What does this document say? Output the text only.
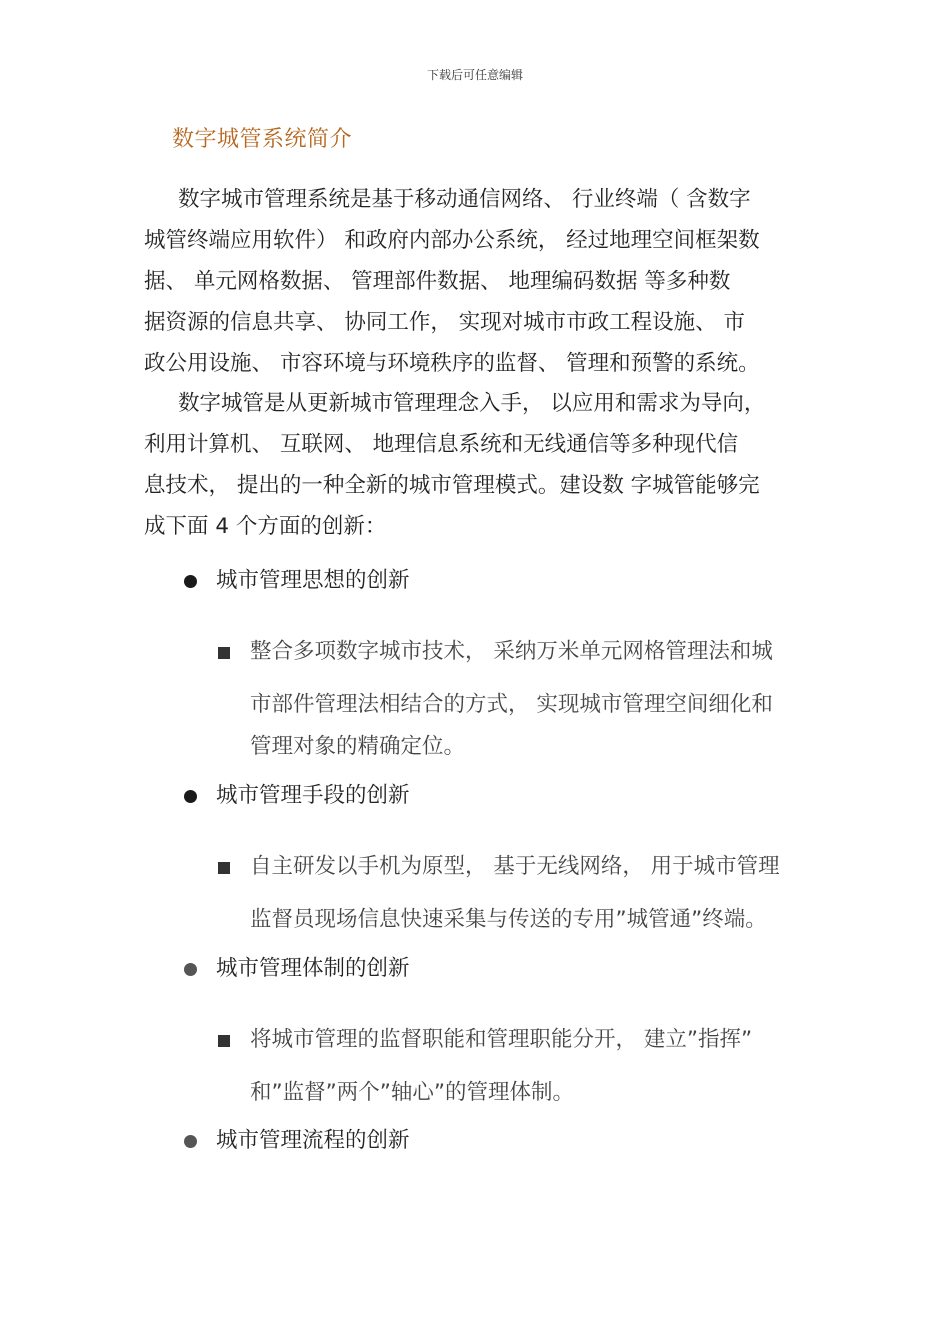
下载后可任意编辑
数字城管系统简介
数字城市管理系统是基于移动通信网络、 行业终端（ 含数字
城管终端应用软件） 和政府内部办公系统， 经过地理空间框架数
据、 单元网格数据、 管理部件数据、 地理编码数据 等多种数
据资源的信息共享、 协同工作， 实现对城市市政工程设施、 市
政公用设施、 市容环境与环境秩序的监督、 管理和预警的系统。
数字城管是从更新城市管理理念入手， 以应用和需求为导向，
利用计算机、 互联网、 地理信息系统和无线通信等多种现代信
息技术， 提出的一种全新的城市管理模式。建设数 字城管能够完
成下面 4 个方面的创新：
城市管理思想的创新
整合多项数字城市技术， 采纳万米单元网格管理法和城
市部件管理法相结合的方式， 实现城市管理空间细化和
管理对象的精确定位。
城市管理手段的创新
自主研发以手机为原型， 基于无线网络， 用于城市管理
监督员现场信息快速采集与传送的专用”城管通”终端。
城市管理体制的创新
将城市管理的监督职能和管理职能分开， 建立”指挥”
和”监督”两个”轴心”的管理体制。
城市管理流程的创新
